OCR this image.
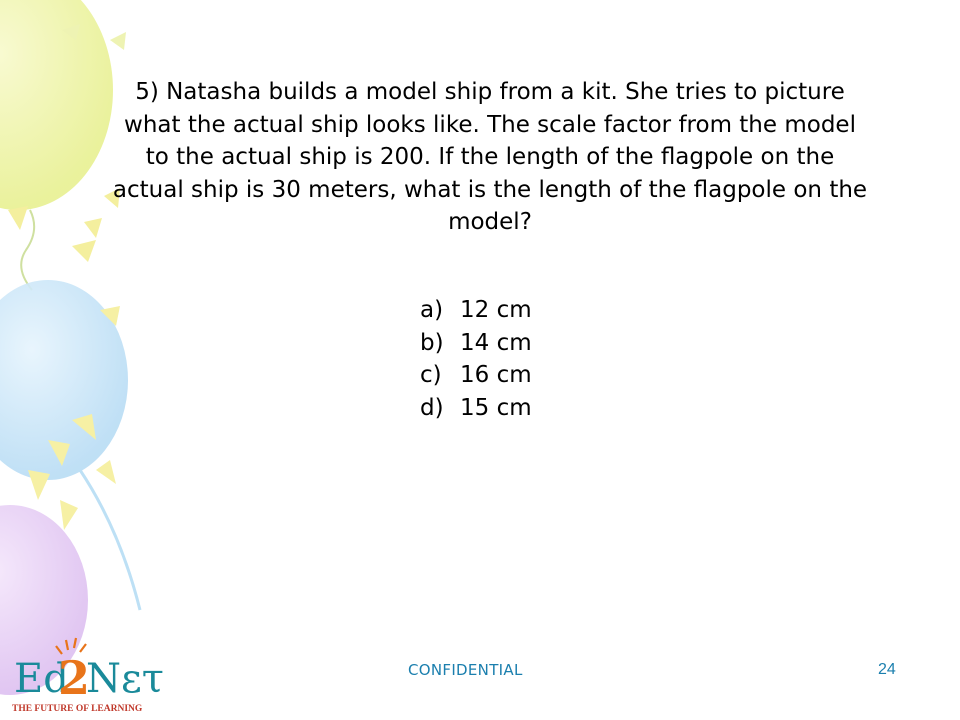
5) Natasha builds a model ship from a kit. She tries to picture what the actual ship looks like. The scale factor from the model to the actual ship is 200. If the length of the flagpole on the actual ship is 30 meters, what is the length of the flagpole on the model?

a) 12 cm
b) 14 cm
c) 16 cm
d) 15 cm
CONFIDENTIAL	24
Ed
2
Nετ
THE FUTURE OF LEARNING
